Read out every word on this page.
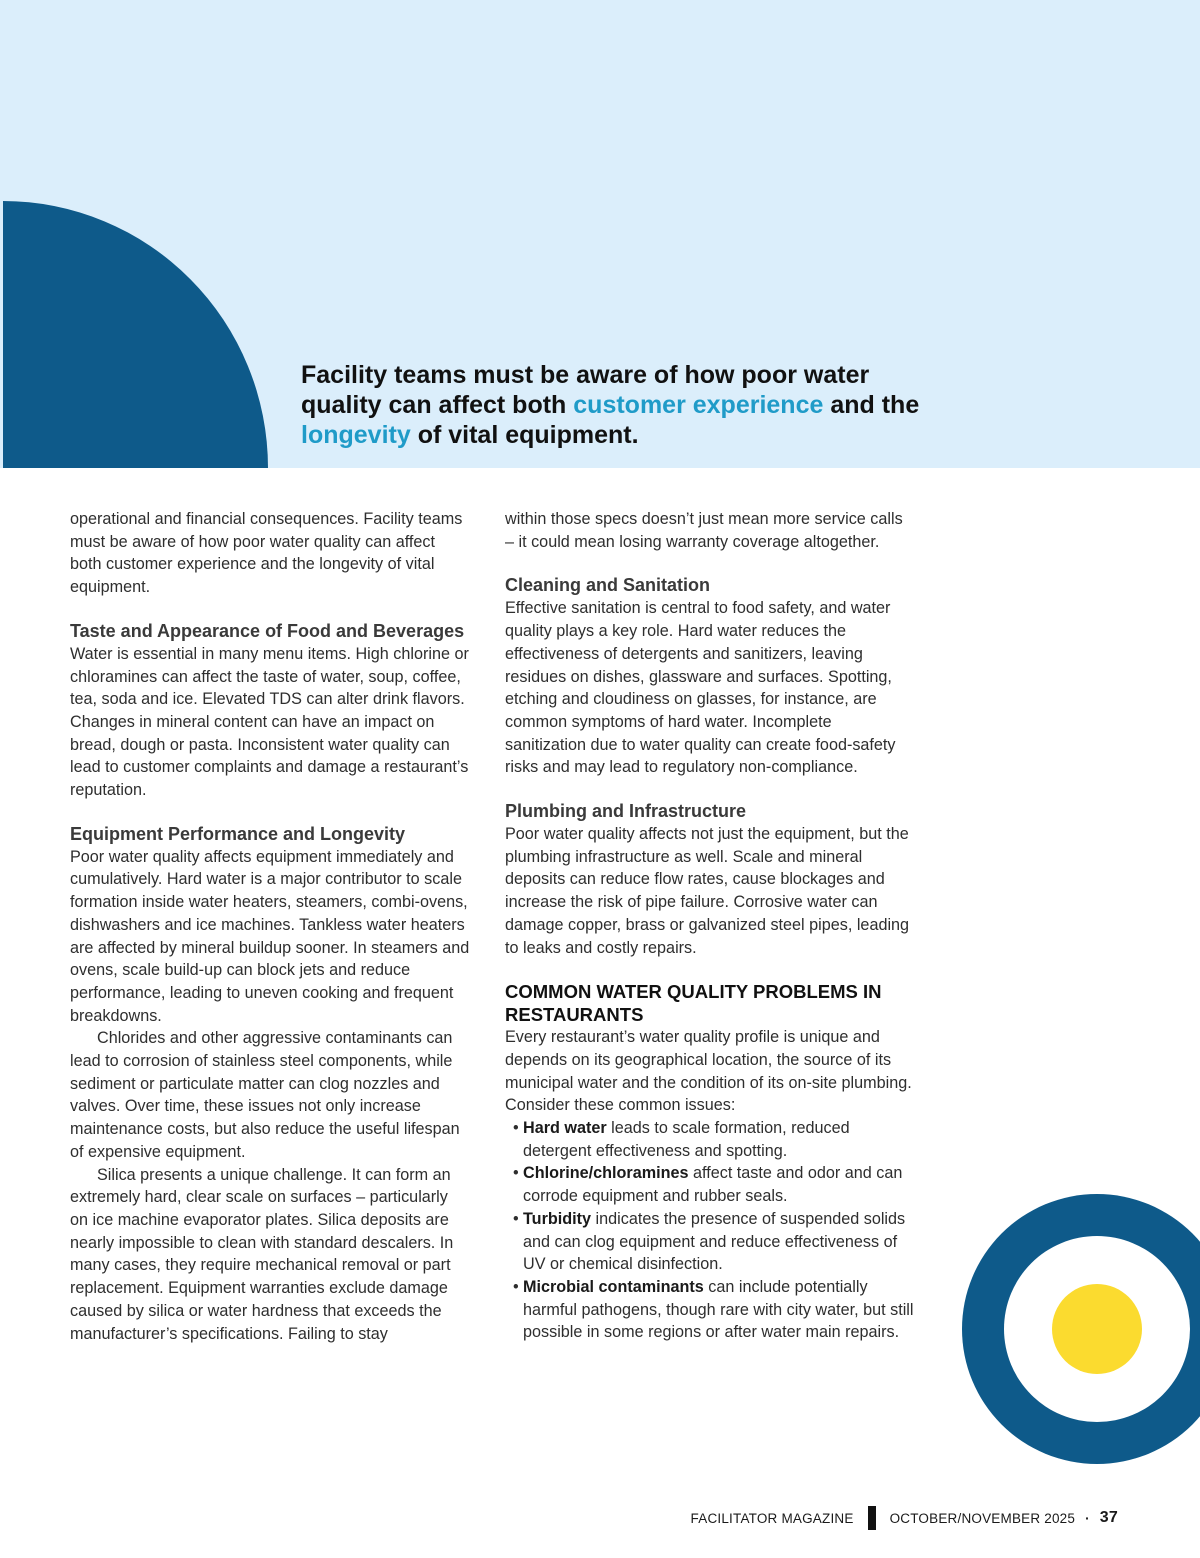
Facility teams must be aware of how poor water quality can affect both customer experience and the longevity of vital equipment.

operational and financial consequences. Facility teams must be aware of how poor water quality can affect both customer experience and the longevity of vital equipment.

Taste and Appearance of Food and Beverages

Water is essential in many menu items. High chlorine or chloramines can affect the taste of water, soup, coffee, tea, soda and ice. Elevated TDS can alter drink flavors. Changes in mineral content can have an impact on bread, dough or pasta. Inconsistent water quality can lead to customer complaints and damage a restaurant’s reputation.

Equipment Performance and Longevity

Poor water quality affects equipment immediately and cumulatively. Hard water is a major contributor to scale formation inside water heaters, steamers, combi-ovens, dishwashers and ice machines. Tankless water heaters are affected by mineral buildup sooner. In steamers and ovens, scale build-up can block jets and reduce performance, leading to uneven cooking and frequent breakdowns.

Chlorides and other aggressive contaminants can lead to corrosion of stainless steel components, while sediment or particulate matter can clog nozzles and valves. Over time, these issues not only increase maintenance costs, but also reduce the useful lifespan of expensive equipment.

Silica presents a unique challenge. It can form an extremely hard, clear scale on surfaces – particularly on ice machine evaporator plates. Silica deposits are nearly impossible to clean with standard descalers. In many cases, they require mechanical removal or part replacement. Equipment warranties exclude damage caused by silica or water hardness that exceeds the manufacturer’s specifications. Failing to stay

within those specs doesn’t just mean more service calls – it could mean losing warranty coverage altogether.

Cleaning and Sanitation

Effective sanitation is central to food safety, and water quality plays a key role. Hard water reduces the effectiveness of detergents and sanitizers, leaving residues on dishes, glassware and surfaces. Spotting, etching and cloudiness on glasses, for instance, are common symptoms of hard water. Incomplete sanitization due to water quality can create food-safety risks and may lead to regulatory non-compliance.

Plumbing and Infrastructure

Poor water quality affects not just the equipment, but the plumbing infrastructure as well. Scale and mineral deposits can reduce flow rates, cause blockages and increase the risk of pipe failure. Corrosive water can damage copper, brass or galvanized steel pipes, leading to leaks and costly repairs.

COMMON WATER QUALITY PROBLEMS IN RESTAURANTS

Every restaurant’s water quality profile is unique and depends on its geographical location, the source of its municipal water and the condition of its on-site plumbing. Consider these common issues:

• Hard water leads to scale formation, reduced detergent effectiveness and spotting.
• Chlorine/chloramines affect taste and odor and can corrode equipment and rubber seals.
• Turbidity indicates the presence of suspended solids and can clog equipment and reduce effectiveness of UV or chemical disinfection.
• Microbial contaminants can include potentially harmful pathogens, though rare with city water, but still possible in some regions or after water main repairs.
FACILITATOR MAGAZINE	OCTOBER/NOVEMBER 2025 · 37
